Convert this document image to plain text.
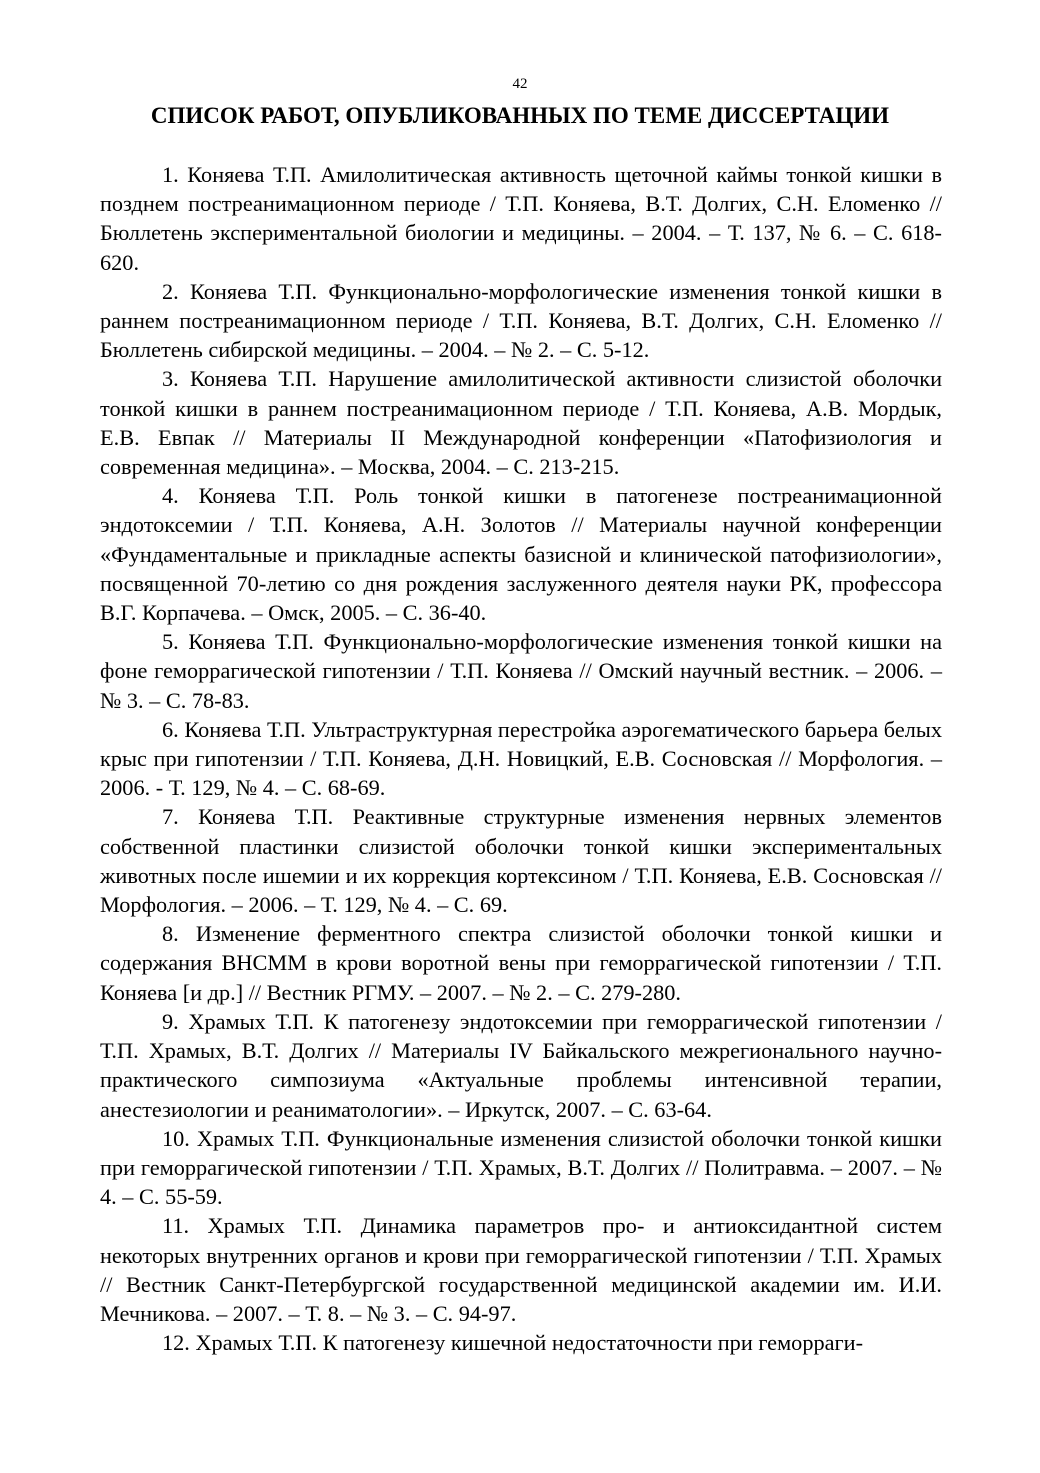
42
СПИСОК РАБОТ, ОПУБЛИКОВАННЫХ ПО ТЕМЕ ДИССЕРТАЦИИ
1. Коняева Т.П. Амилолитическая активность щеточной каймы тонкой кишки в позднем постреанимационном периоде / Т.П. Коняева, В.Т. Долгих, С.Н. Еломенко // Бюллетень экспериментальной биологии и медицины. – 2004. – Т. 137, № 6. – С. 618-620.
2. Коняева Т.П. Функционально-морфологические изменения тонкой кишки в раннем постреанимационном периоде / Т.П. Коняева, В.Т. Долгих, С.Н. Еломенко // Бюллетень сибирской медицины. – 2004. – № 2. – С. 5-12.
3. Коняева Т.П. Нарушение амилолитической активности слизистой оболочки тонкой кишки в раннем постреанимационном периоде / Т.П. Коняева, А.В. Мордык, Е.В. Евпак // Материалы II Международной конференции «Патофизиология и современная медицина». – Москва, 2004. – С. 213-215.
4. Коняева Т.П. Роль тонкой кишки в патогенезе постреанимационной эндотоксемии / Т.П. Коняева, А.Н. Золотов // Материалы научной конференции «Фундаментальные и прикладные аспекты базисной и клинической патофизиологии», посвященной 70-летию со дня рождения заслуженного деятеля науки РК, профессора В.Г. Корпачева. – Омск, 2005. – С. 36-40.
5. Коняева Т.П. Функционально-морфологические изменения тонкой кишки на фоне геморрагической гипотензии / Т.П. Коняева // Омский научный вестник. – 2006. – № 3. – С. 78-83.
6. Коняева Т.П. Ультраструктурная перестройка аэрогематического барьера белых крыс при гипотензии / Т.П. Коняева, Д.Н. Новицкий, Е.В. Сосновская // Морфология. – 2006. - Т. 129, № 4. – С. 68-69.
7. Коняева Т.П. Реактивные структурные изменения нервных элементов собственной пластинки слизистой оболочки тонкой кишки экспериментальных животных после ишемии и их коррекция кортексином / Т.П. Коняева, Е.В. Сосновская // Морфология. – 2006. – Т. 129, № 4. – С. 69.
8. Изменение ферментного спектра слизистой оболочки тонкой кишки и содержания ВНСММ в крови воротной вены при геморрагической гипотензии / Т.П. Коняева [и др.] // Вестник РГМУ. – 2007. – № 2. – С. 279-280.
9. Храмых Т.П. К патогенезу эндотоксемии при геморрагической гипотензии / Т.П. Храмых, В.Т. Долгих // Материалы IV Байкальского межрегионального научно-практического симпозиума «Актуальные проблемы интенсивной терапии, анестезиологии и реаниматологии». – Иркутск, 2007. – С. 63-64.
10. Храмых Т.П. Функциональные изменения слизистой оболочки тонкой кишки при геморрагической гипотензии / Т.П. Храмых, В.Т. Долгих // Политравма. – 2007. – № 4. – С. 55-59.
11. Храмых Т.П. Динамика параметров про- и антиоксидантной систем некоторых внутренних органов и крови при геморрагической гипотензии / Т.П. Храмых // Вестник Санкт-Петербургской государственной медицинской академии им. И.И. Мечникова. – 2007. – Т. 8. – № 3. – С. 94-97.
12. Храмых Т.П. К патогенезу кишечной недостаточности при геморраги-
